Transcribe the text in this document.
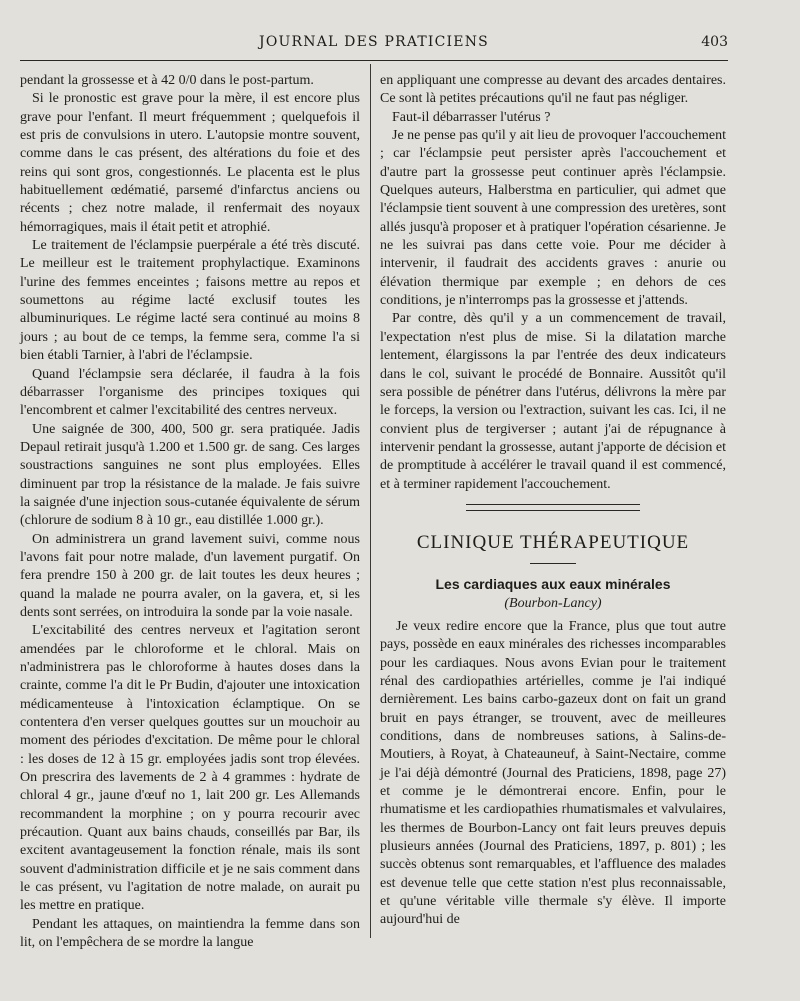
JOURNAL DES PRATICIENS	403

pendant la grossesse et à 42 0/0 dans le post-partum.

Si le pronostic est grave pour la mère, il est encore plus grave pour l'enfant. Il meurt fréquemment ; quelquefois il est pris de convulsions in utero. L'autopsie montre souvent, comme dans le cas présent, des altérations du foie et des reins qui sont gros, congestionnés. Le placenta est le plus habituellement œdématié, parsemé d'infarctus anciens ou récents ; chez notre malade, il renfermait des noyaux hémorragiques, mais il était petit et atrophié.

Le traitement de l'éclampsie puerpérale a été très discuté. Le meilleur est le traitement prophylactique. Examinons l'urine des femmes enceintes ; faisons mettre au repos et soumettons au régime lacté exclusif toutes les albuminuriques. Le régime lacté sera continué au moins 8 jours ; au bout de ce temps, la femme sera, comme l'a si bien établi Tarnier, à l'abri de l'éclampsie.

Quand l'éclampsie sera déclarée, il faudra à la fois débarrasser l'organisme des principes toxiques qui l'encombrent et calmer l'excitabilité des centres nerveux.

Une saignée de 300, 400, 500 gr. sera pratiquée. Jadis Depaul retirait jusqu'à 1.200 et 1.500 gr. de sang. Ces larges soustractions sanguines ne sont plus employées. Elles diminuent par trop la résistance de la malade. Je fais suivre la saignée d'une injection sous-cutanée équivalente de sérum (chlorure de sodium 8 à 10 gr., eau distillée 1.000 gr.).

On administrera un grand lavement suivi, comme nous l'avons fait pour notre malade, d'un lavement purgatif. On fera prendre 150 à 200 gr. de lait toutes les deux heures ; quand la malade ne pourra avaler, on la gavera, et, si les dents sont serrées, on introduira la sonde par la voie nasale.

L'excitabilité des centres nerveux et l'agitation seront amendées par le chloroforme et le chloral. Mais on n'administrera pas le chloroforme à hautes doses dans la crainte, comme l'a dit le Pr Budin, d'ajouter une intoxication médicamenteuse à l'intoxication éclamptique. On se contentera d'en verser quelques gouttes sur un mouchoir au moment des périodes d'excitation. De même pour le chloral : les doses de 12 à 15 gr. employées jadis sont trop élevées. On prescrira des lavements de 2 à 4 grammes : hydrate de chloral 4 gr., jaune d'œuf no 1, lait 200 gr. Les Allemands recommandent la morphine ; on y pourra recourir avec précaution. Quant aux bains chauds, conseillés par Bar, ils excitent avantageusement la fonction rénale, mais ils sont souvent d'administration difficile et je ne sais comment dans le cas présent, vu l'agitation de notre malade, on aurait pu les mettre en pratique.

Pendant les attaques, on maintiendra la femme dans son lit, on l'empêchera de se mordre la langue

en appliquant une compresse au devant des arcades dentaires. Ce sont là petites précautions qu'il ne faut pas négliger.

Faut-il débarrasser l'utérus ?

Je ne pense pas qu'il y ait lieu de provoquer l'accouchement ; car l'éclampsie peut persister après l'accouchement et d'autre part la grossesse peut continuer après l'éclampsie. Quelques auteurs, Halberstma en particulier, qui admet que l'éclampsie tient souvent à une compression des uretères, sont allés jusqu'à proposer et à pratiquer l'opération césarienne. Je ne les suivrai pas dans cette voie. Pour me décider à intervenir, il faudrait des accidents graves : anurie ou élévation thermique par exemple ; en dehors de ces conditions, je n'interromps pas la grossesse et j'attends.

Par contre, dès qu'il y a un commencement de travail, l'expectation n'est plus de mise. Si la dilatation marche lentement, élargissons la par l'entrée des deux indicateurs dans le col, suivant le procédé de Bonnaire. Aussitôt qu'il sera possible de pénétrer dans l'utérus, délivrons la mère par le forceps, la version ou l'extraction, suivant les cas. Ici, il ne convient plus de tergiverser ; autant j'ai de répugnance à intervenir pendant la grossesse, autant j'apporte de décision et de promptitude à accélérer le travail quand il est commencé, et à terminer rapidement l'accouchement.

CLINIQUE THÉRAPEUTIQUE
Les cardiaques aux eaux minérales
(Bourbon-Lancy)

Je veux redire encore que la France, plus que tout autre pays, possède en eaux minérales des richesses incomparables pour les cardiaques. Nous avons Evian pour le traitement rénal des cardiopathies artérielles, comme je l'ai indiqué dernièrement. Les bains carbo-gazeux dont on fait un grand bruit en pays étranger, se trouvent, avec de meilleures conditions, dans de nombreuses sations, à Salins-de-Moutiers, à Royat, à Chateauneuf, à Saint-Nectaire, comme je l'ai déjà démontré (Journal des Praticiens, 1898, page 27) et comme je le démontrerai encore. Enfin, pour le rhumatisme et les cardiopathies rhumatismales et valvulaires, les thermes de Bourbon-Lancy ont fait leurs preuves depuis plusieurs années (Journal des Praticiens, 1897, p. 801) ; les succès obtenus sont remarquables, et l'affluence des malades est devenue telle que cette station n'est plus reconnaissable, et qu'une véritable ville thermale s'y élève. Il importe aujourd'hui de
